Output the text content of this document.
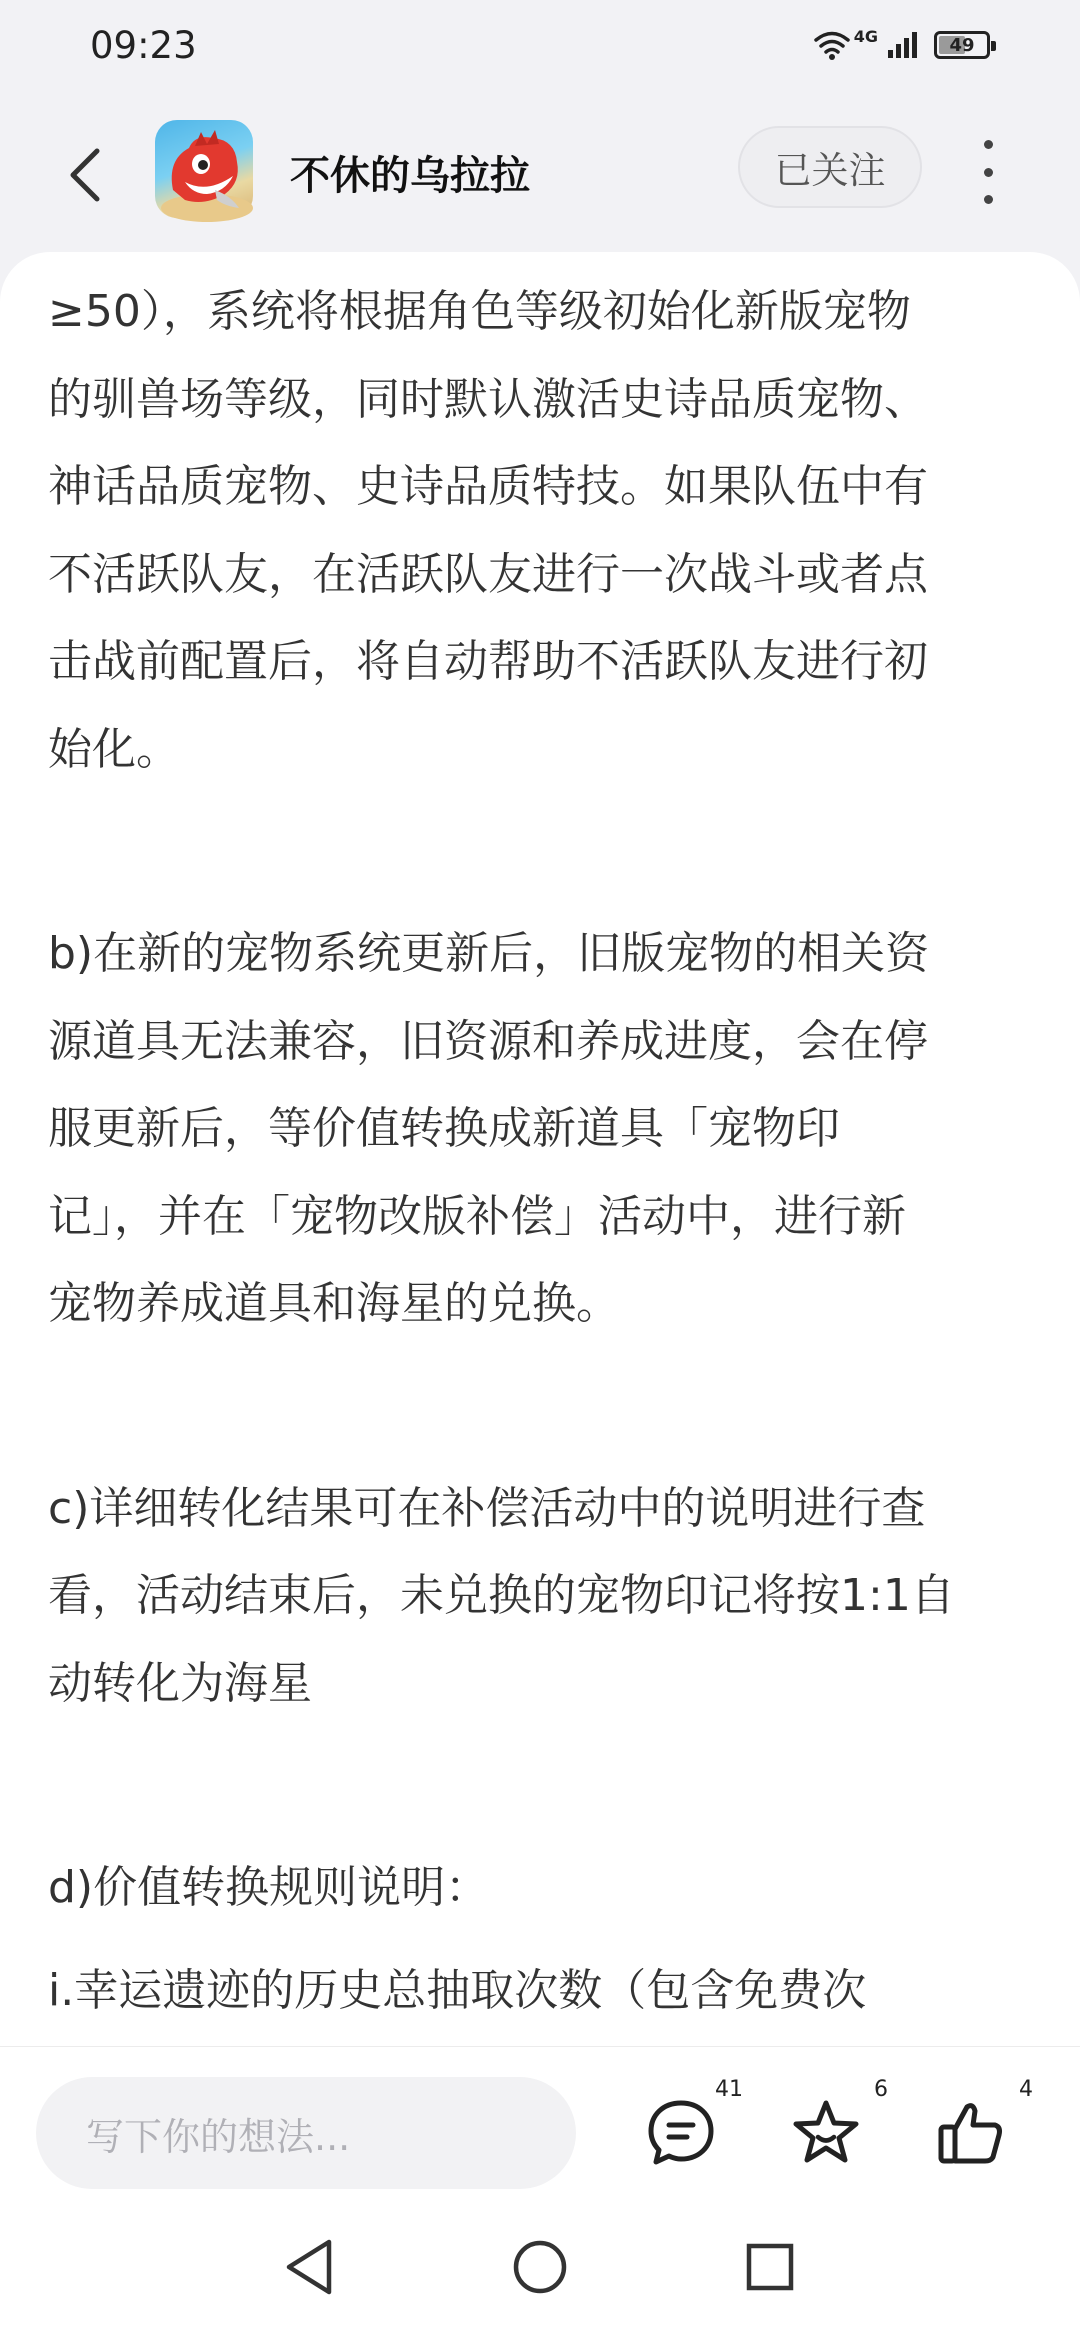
09:23	4G	49
不休的乌拉拉	已关注

≥50），系统将根据角色等级初始化新版宠物
的驯兽场等级，同时默认激活史诗品质宠物、
神话品质宠物、史诗品质特技。如果队伍中有
不活跃队友，在活跃队友进行一次战斗或者点
击战前配置后，将自动帮助不活跃队友进行初
始化。

b)在新的宠物系统更新后，旧版宠物的相关资
源道具无法兼容，旧资源和养成进度，会在停
服更新后，等价值转换成新道具「宠物印
记」，并在「宠物改版补偿」活动中，进行新
宠物养成道具和海星的兑换。

c)详细转化结果可在补偿活动中的说明进行查
看，活动结束后，未兑换的宠物印记将按1:1自
动转化为海星

d)价值转换规则说明：

i.幸运遗迹的历史总抽取次数（包含免费次

写下你的想法...
41	6	4
